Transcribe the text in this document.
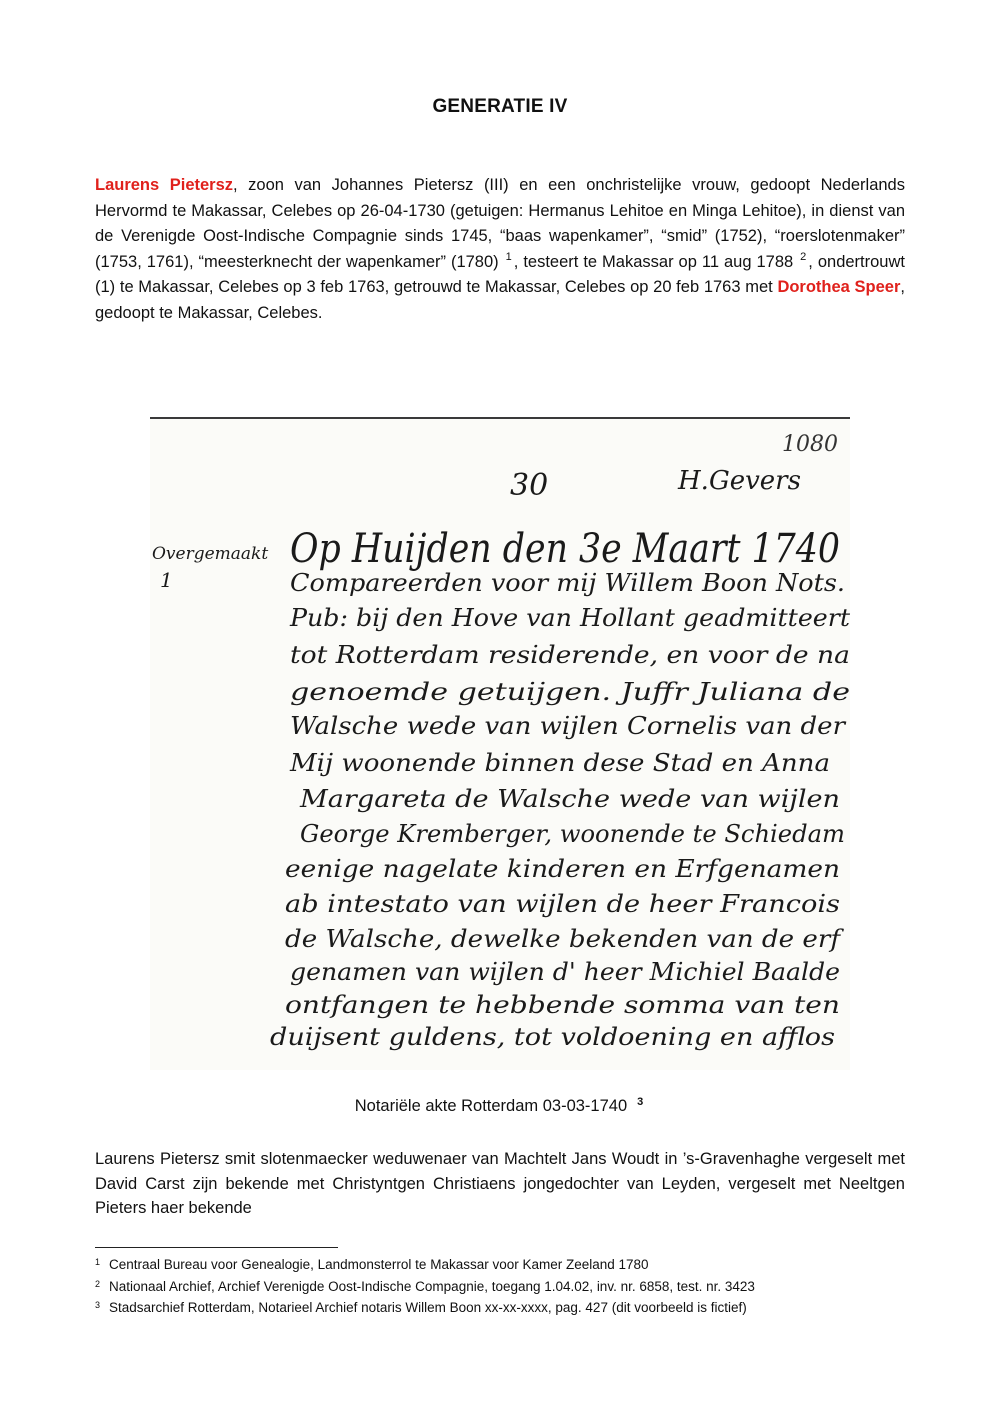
GENERATIE IV
Laurens Pietersz, zoon van Johannes Pietersz (III) en een onchristelijke vrouw, gedoopt Nederlands Hervormd te Makassar, Celebes op 26-04-1730 (getuigen: Hermanus Lehitoe en Minga Lehitoe), in dienst van de Verenigde Oost-Indische Compagnie sinds 1745, “baas wapenkamer”, “smid” (1752), “roerslotenmaker” (1753, 1761), “meesterknecht der wapenkamer” (1780) $^1$ , testeert te Makassar op 11 aug 1788 $^2$ , ondertrouwt (1) te Makassar, Celebes op 3 feb 1763, getrouwd te Makassar, Celebes op 20 feb 1763 met Dorothea Speer, gedoopt te Makassar, Celebes.
1080
30	H.Gevers
Overgemaakt
1
Op Huijden den 3e Maart 1740
Compareerden voor mij Willem Boon Nots.
Pub: bij den Hove van Hollant geadmitteert
tot Rotterdam residerende, en voor de na
genoemde getuijgen. Juffr Juliana de
Walsche wede van wijlen Cornelis van der
Mij woonende binnen dese Stad en Anna
Margareta de Walsche wede van wijlen
George Kremberger, woonende te Schiedam
eenige nagelate kinderen en Erfgenamen
ab intestato van wijlen de heer Francois
de Walsche, dewelke bekenden van de erf
genamen van wijlen d' heer Michiel Baalde
ontfangen te hebbende somma van ten
duijsent guldens, tot voldoening en afflos
Notariële akte Rotterdam 03-03-1740 $^3$
Laurens Pietersz smit slotenmaecker weduwenaer van Machtelt Jans Woudt in ’s-Gravenhaghe vergeselt met David Carst zijn bekende met Christyntgen Christiaens jongedochter van Leyden, vergeselt met Neeltgen Pieters haer bekende
1 Centraal Bureau voor Genealogie, Landmonsterrol te Makassar voor Kamer Zeeland 1780
2 Nationaal Archief, Archief Verenigde Oost-Indische Compagnie, toegang 1.04.02, inv. nr. 6858, test. nr. 3423
3 Stadsarchief Rotterdam, Notarieel Archief notaris Willem Boon xx-xx-xxxx, pag. 427 (dit voorbeeld is fictief)
